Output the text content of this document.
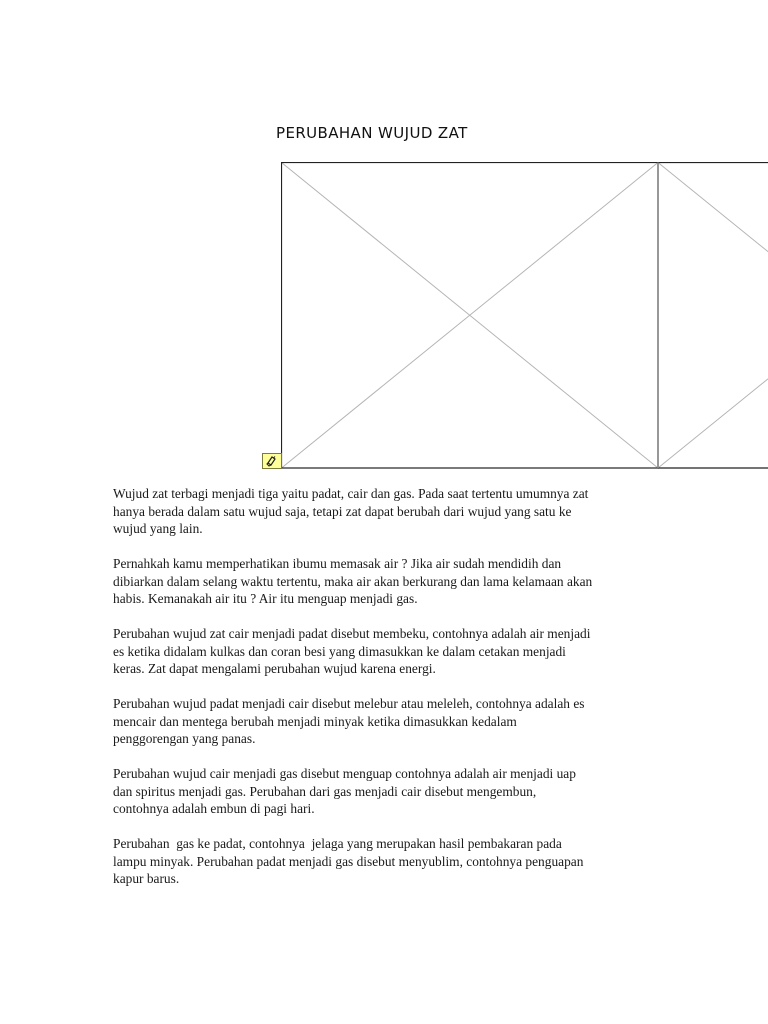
PERUBAHAN WUJUD ZAT

Wujud zat terbagi menjadi tiga yaitu padat, cair dan gas. Pada saat tertentu umumnya zat
hanya berada dalam satu wujud saja, tetapi zat dapat berubah dari wujud yang satu ke
wujud yang lain.

Pernahkah kamu memperhatikan ibumu memasak air ? Jika air sudah mendidih dan
dibiarkan dalam selang waktu tertentu, maka air akan berkurang dan lama kelamaan akan
habis. Kemanakah air itu ? Air itu menguap menjadi gas.

Perubahan wujud zat cair menjadi padat disebut membeku, contohnya adalah air menjadi
es ketika didalam kulkas dan coran besi yang dimasukkan ke dalam cetakan menjadi
keras. Zat dapat mengalami perubahan wujud karena energi.

Perubahan wujud padat menjadi cair disebut melebur atau meleleh, contohnya adalah es
mencair dan mentega berubah menjadi minyak ketika dimasukkan kedalam
penggorengan yang panas.

Perubahan wujud cair menjadi gas disebut menguap contohnya adalah air menjadi uap
dan spiritus menjadi gas. Perubahan dari gas menjadi cair disebut mengembun,
contohnya adalah embun di pagi hari.

Perubahan  gas ke padat, contohnya  jelaga yang merupakan hasil pembakaran pada
lampu minyak. Perubahan padat menjadi gas disebut menyublim, contohnya penguapan
kapur barus.
